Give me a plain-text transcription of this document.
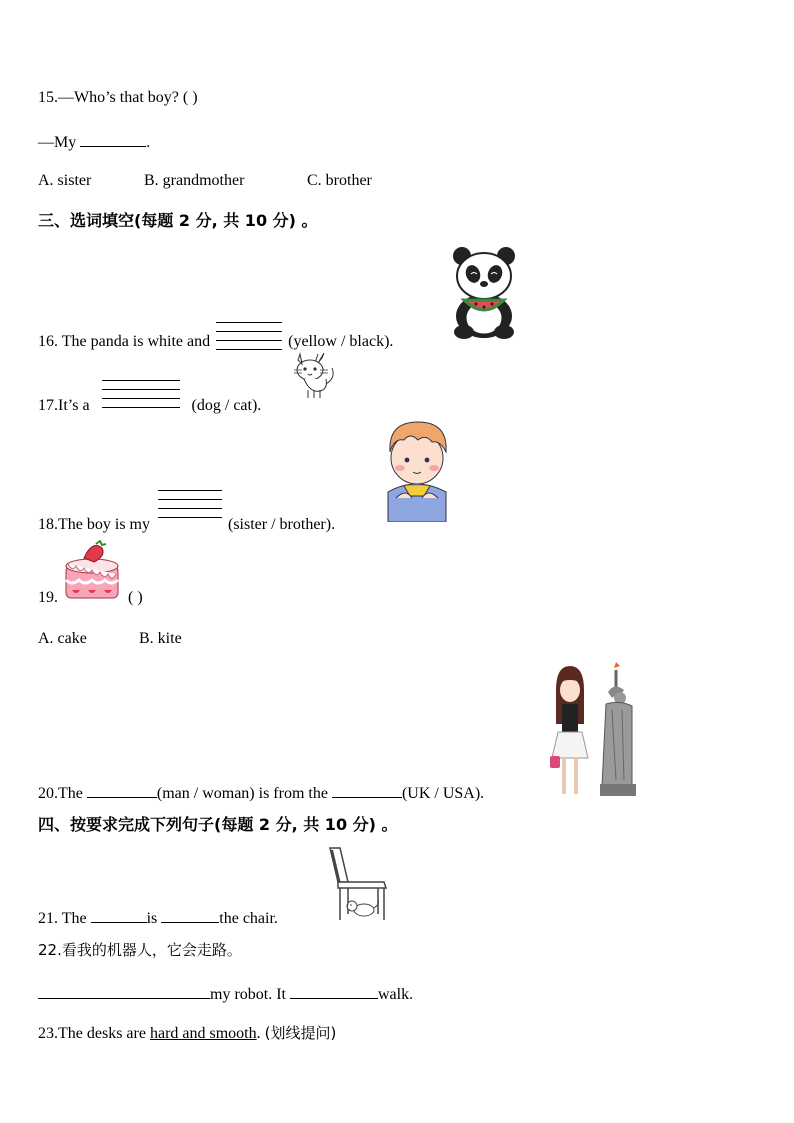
15.—Who’s that boy? ( )
—My	.
A. sister	B. grandmother	C. brother
三、选词填空(每题 2 分, 共 10 分) 。
16. The panda is white and	(yellow / black).
17.It’s a	(dog / cat).
18.The boy is my	(sister / brother).
19.	( )
A. cake	B. kite
20.The	(man / woman) is from the	(UK / USA).
四、按要求完成下列句子(每题 2 分, 共 10 分) 。
21. The	is	the chair.
22.看我的机器人，它会走路。
my robot. It	walk.
23.The desks are hard and smooth. (划线提问)
